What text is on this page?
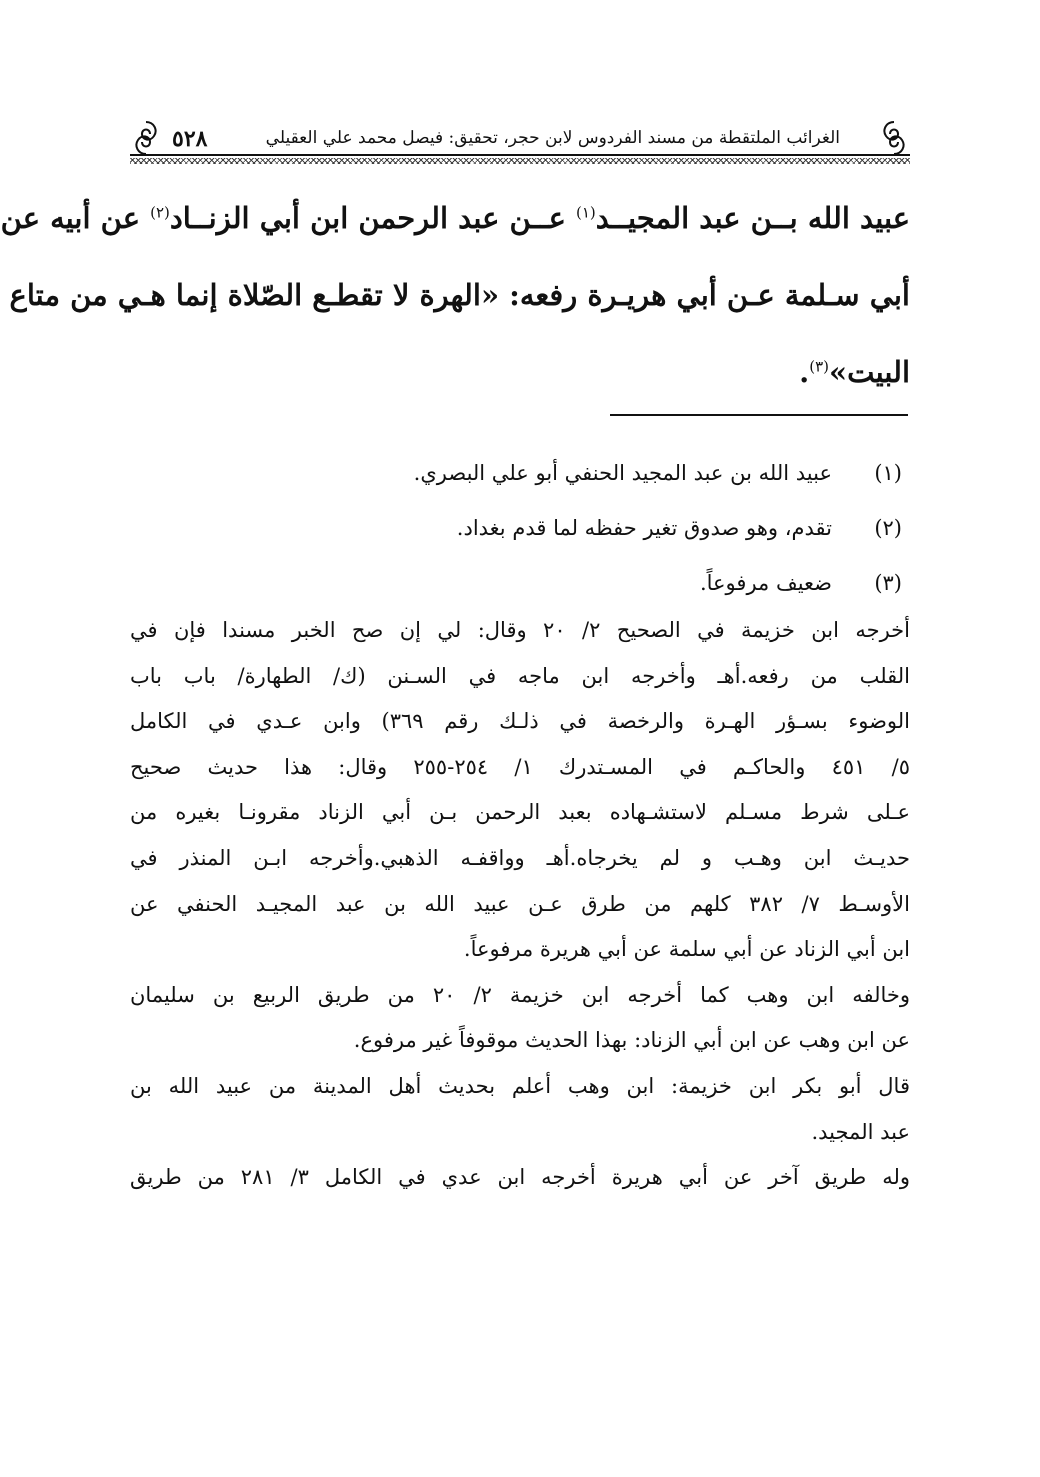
الغرائب الملتقطة من مسند الفردوس لابن حجر، تحقيق: فيصل محمد علي العقيلي
٥٢٨
عبيد الله بــن عبد المجيــد$^{(١)}$ عــن عبد الرحمن ابن أبي الزنــاد$^{(٢)}$ عن أبيه عن
أبي سـلمة عـن أبي هريـرة رفعه: «الهرة لا تقطـع الصّلاة إنما هـي من متاع
البيت»$^{(٣)}$.
(١)عبيد الله بن عبد المجيد الحنفي أبو علي البصري.
(٢)تقدم، وهو صدوق تغير حفظه لما قدم بغداد.
(٣)ضعيف مرفوعاً.
أخرجه ابن خزيمة في الصحيح ٢/ ٢٠ وقال: لي إن صح الخبر مسندا فإن في
القلب من رفعه.أهـ وأخرجه ابن ماجه في السـنن (ك/ الطهارة/ باب باب
الوضوء بسـؤر الهـرة والرخصة في ذلـك رقم ٣٦٩) وابن عـدي في الكامل
٥/ ٤٥١ والحاكـم في المسـتدرك ١/ ٢٥٤-٢٥٥ وقال: هذا حديث صحيح
عـلى شرط مسـلم لاستشـهاده بعبد الرحمن بـن أبي الزناد مقرونـا بغيره من
حديـث ابن وهـب و لم يخرجاه.أهـ وواقفـه الذهبي.وأخرجه ابـن المنذر في
الأوسـط ٧/ ٣٨٢ كلهم من طرق عـن عبيد الله بن عبد المجيـد الحنفي عن
ابن أبي الزناد عن أبي سلمة عن أبي هريرة مرفوعاً.
وخالفه ابن وهب كما أخرجه ابن خزيمة ٢/ ٢٠ من طريق الربيع بن سليمان
عن ابن وهب عن ابن أبي الزناد: بهذا الحديث موقوفاً غير مرفوع.
قال أبو بكر ابن خزيمة: ابن وهب أعلم بحديث أهل المدينة من عبيد الله بن
عبد المجيد.
وله طريق آخر عن أبي هريرة أخرجه ابن عدي في الكامل ٣/ ٢٨١ من طريق
